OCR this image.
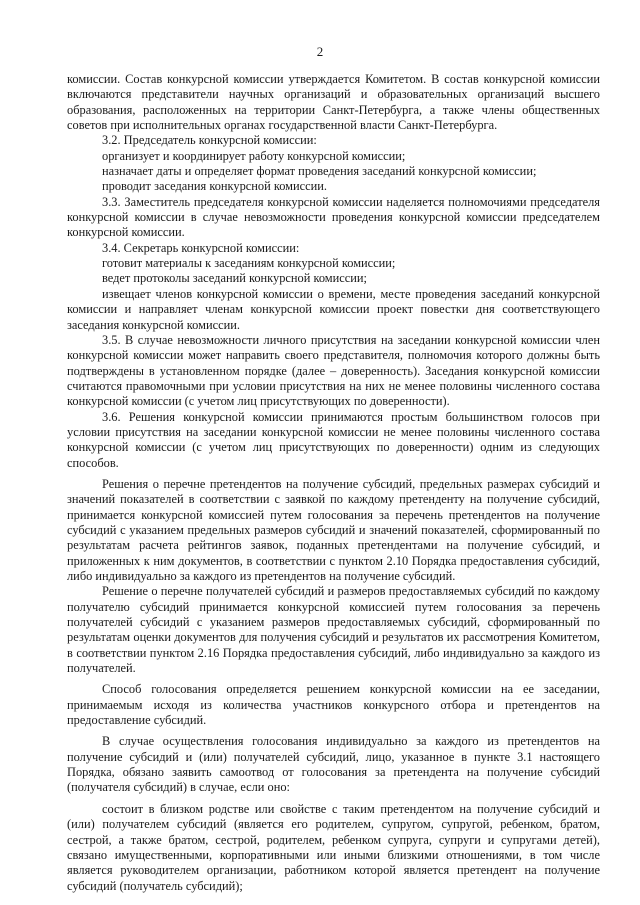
2

комиссии. Состав конкурсной комиссии утверждается Комитетом. В состав конкурсной комиссии включаются представители научных организаций и образовательных организаций высшего образования, расположенных на территории Санкт-Петербурга, а также члены общественных советов при исполнительных органах государственной власти Санкт-Петербурга.

3.2. Председатель конкурсной комиссии:

организует и координирует работу конкурсной комиссии;

назначает даты и определяет формат проведения заседаний конкурсной комиссии;

проводит заседания конкурсной комиссии.

3.3. Заместитель председателя конкурсной комиссии наделяется полномочиями председателя конкурсной комиссии в случае невозможности проведения конкурсной комиссии председателем конкурсной комиссии.

3.4. Секретарь конкурсной комиссии:

готовит материалы к заседаниям конкурсной комиссии;

ведет протоколы заседаний конкурсной комиссии;

извещает членов конкурсной комиссии о времени, месте проведения заседаний конкурсной комиссии и направляет членам конкурсной комиссии проект повестки дня соответствующего заседания конкурсной комиссии.

3.5. В случае невозможности личного присутствия на заседании конкурсной комиссии член конкурсной комиссии может направить своего представителя, полномочия которого должны быть подтверждены в установленном порядке (далее – доверенность). Заседания конкурсной комиссии считаются правомочными при условии присутствия на них не менее половины численного состава конкурсной комиссии (с учетом лиц присутствующих по доверенности).

3.6. Решения конкурсной комиссии принимаются простым большинством голосов при условии присутствия на заседании конкурсной комиссии не менее половины численного состава конкурсной комиссии (с учетом лиц присутствующих по доверенности) одним из следующих способов.

Решения о перечне претендентов на получение субсидий, предельных размерах субсидий и значений показателей в соответствии с заявкой по каждому претенденту на получение субсидий, принимается конкурсной комиссией путем голосования за перечень претендентов на получение субсидий с указанием предельных размеров субсидий и значений показателей, сформированный по результатам расчета рейтингов заявок, поданных претендентами на получение субсидий, и приложенных к ним документов, в соответствии с пунктом 2.10 Порядка предоставления субсидий, либо индивидуально за каждого из претендентов на получение субсидий.

Решение о перечне получателей субсидий и размеров предоставляемых субсидий по каждому получателю субсидий принимается конкурсной комиссией путем голосования за перечень получателей субсидий с указанием размеров предоставляемых субсидий, сформированный по результатам оценки документов для получения субсидий и результатов их рассмотрения Комитетом, в соответствии пунктом 2.16 Порядка предоставления субсидий, либо индивидуально за каждого из получателей.

Способ голосования определяется решением конкурсной комиссии на ее заседании, принимаемым исходя из количества участников конкурсного отбора и претендентов на предоставление субсидий.

В случае осуществления голосования индивидуально за каждого из претендентов на получение субсидий и (или) получателей субсидий, лицо, указанное в пункте 3.1 настоящего Порядка, обязано заявить самоотвод от голосования за претендента на получение субсидий (получателя субсидий) в случае, если оно:

состоит в близком родстве или свойстве с таким претендентом на получение субсидий и (или) получателем субсидий (является его родителем, супругом, супругой, ребенком, братом, сестрой, а также братом, сестрой, родителем, ребенком супруга, супруги и супругами детей), связано имущественными, корпоративными или иными близкими отношениями, в том числе является руководителем организации, работником которой является претендент на получение субсидий (получатель субсидий);
